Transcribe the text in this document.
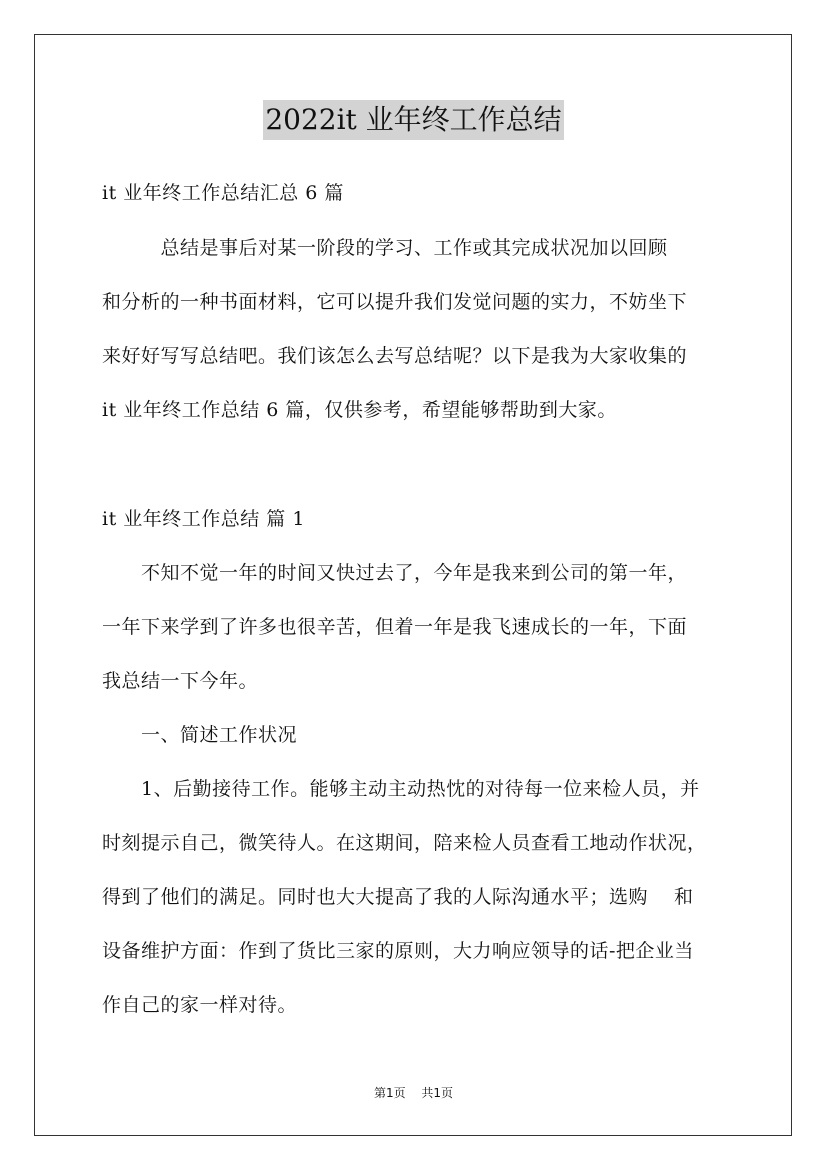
2022it 业年终工作总结
it 业年终工作总结汇总 6 篇
　　　总结是事后对某一阶段的学习、工作或其完成状况加以回顾
和分析的一种书面材料，它可以提升我们发觉问题的实力，不妨坐下
来好好写写总结吧。我们该怎么去写总结呢？以下是我为大家收集的
it 业年终工作总结 6 篇，仅供参考，希望能够帮助到大家。
it 业年终工作总结 篇 1
　　不知不觉一年的时间又快过去了，今年是我来到公司的第一年，
一年下来学到了许多也很辛苦，但着一年是我飞速成长的一年，下面
我总结一下今年。
　　一、简述工作状况
　　1、后勤接待工作。能够主动主动热忱的对待每一位来检人员，并
时刻提示自己，微笑待人。在这期间，陪来检人员查看工地动作状况，
得到了他们的满足。同时也大大提高了我的人际沟通水平；选购　 和
设备维护方面：作到了货比三家的原则，大力响应领导的话-把企业当
作自己的家一样对待。
第1页 共1页
